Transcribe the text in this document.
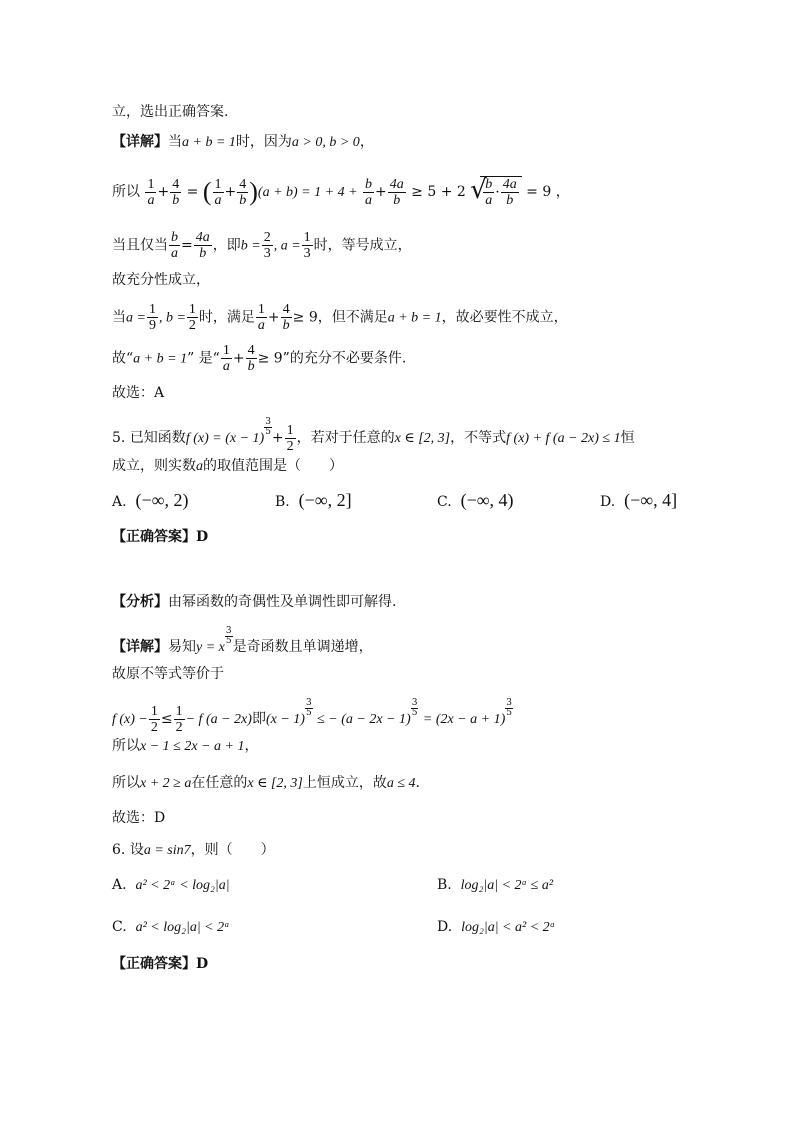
立，选出正确答案.
【详解】当a + b = 1时，因为a > 0, b > 0，
所以 $\frac{1}{a} + \frac{4}{b}$ = ( $\frac{1}{a} + \frac{4}{b} )(a + b) = 1 + 4 + \frac{b}{a} + \frac{4a}{b} \ge 5 + 2$ √
$\frac{b}{a} \cdot \frac{4a}{b} = 9$ ，
当且仅当 $\frac{b}{a} = \frac{4a}{b}$ ，即$b = \frac{2}{3}$ , $a = \frac{1}{3}$ 时，等号成立，
故充分性成立，
当$a = \frac{1}{9}$ , $b = \frac{1}{2}$ 时，满足 $\frac{1}{a} + \frac{4}{b} \ge 9$，但不满足a + b = 1，故必要性不成立，
故“a + b = 1” 是“ $\frac{1}{a} + \frac{4}{b} \ge 9$”的充分不必要条件.
故选：A
5. 已知函数f (x) = (x − 1)
$\frac{3}{5}$
+ $\frac{1}{2}$ ，若对于任意的x ∈ [2, 3]，不等式f (x) + f (a − 2x) ≤ 1恒
成立，则实数a的取值范围是（　　）
A. (−∞, 2)	B. (−∞, 2]	C. (−∞, 4)	D. (−∞, 4]
【正确答案】D
【分析】由幂函数的奇偶性及单调性即可解得.
【详解】易知y = x
$\frac{3}{5}$
是奇函数且单调递增，
故原不等式等价于
f $(x) - \frac{1}{2} \le \frac{1}{2} - f$ (a − 2x)即(x − 1)
$\frac{3}{5}$
≤ − (a − 2x − 1)
$\frac{3}{5}$
= (2x − a + 1)
$\frac{3}{5}$
所以x − 1 ≤ 2x − a + 1，
所以x + 2 ≥ a在任意的x ∈ [2, 3]上恒成立，故a ≤ 4.
故选：D
6. 设a = sin7，则（　　）
A. a² < 2ᵃ < log₂|a|	B. log₂|a| < 2ᵃ ≤ a²
C. a² < log₂|a| < 2ᵃ	D. log₂|a| < a² < 2ᵃ
【正确答案】D
